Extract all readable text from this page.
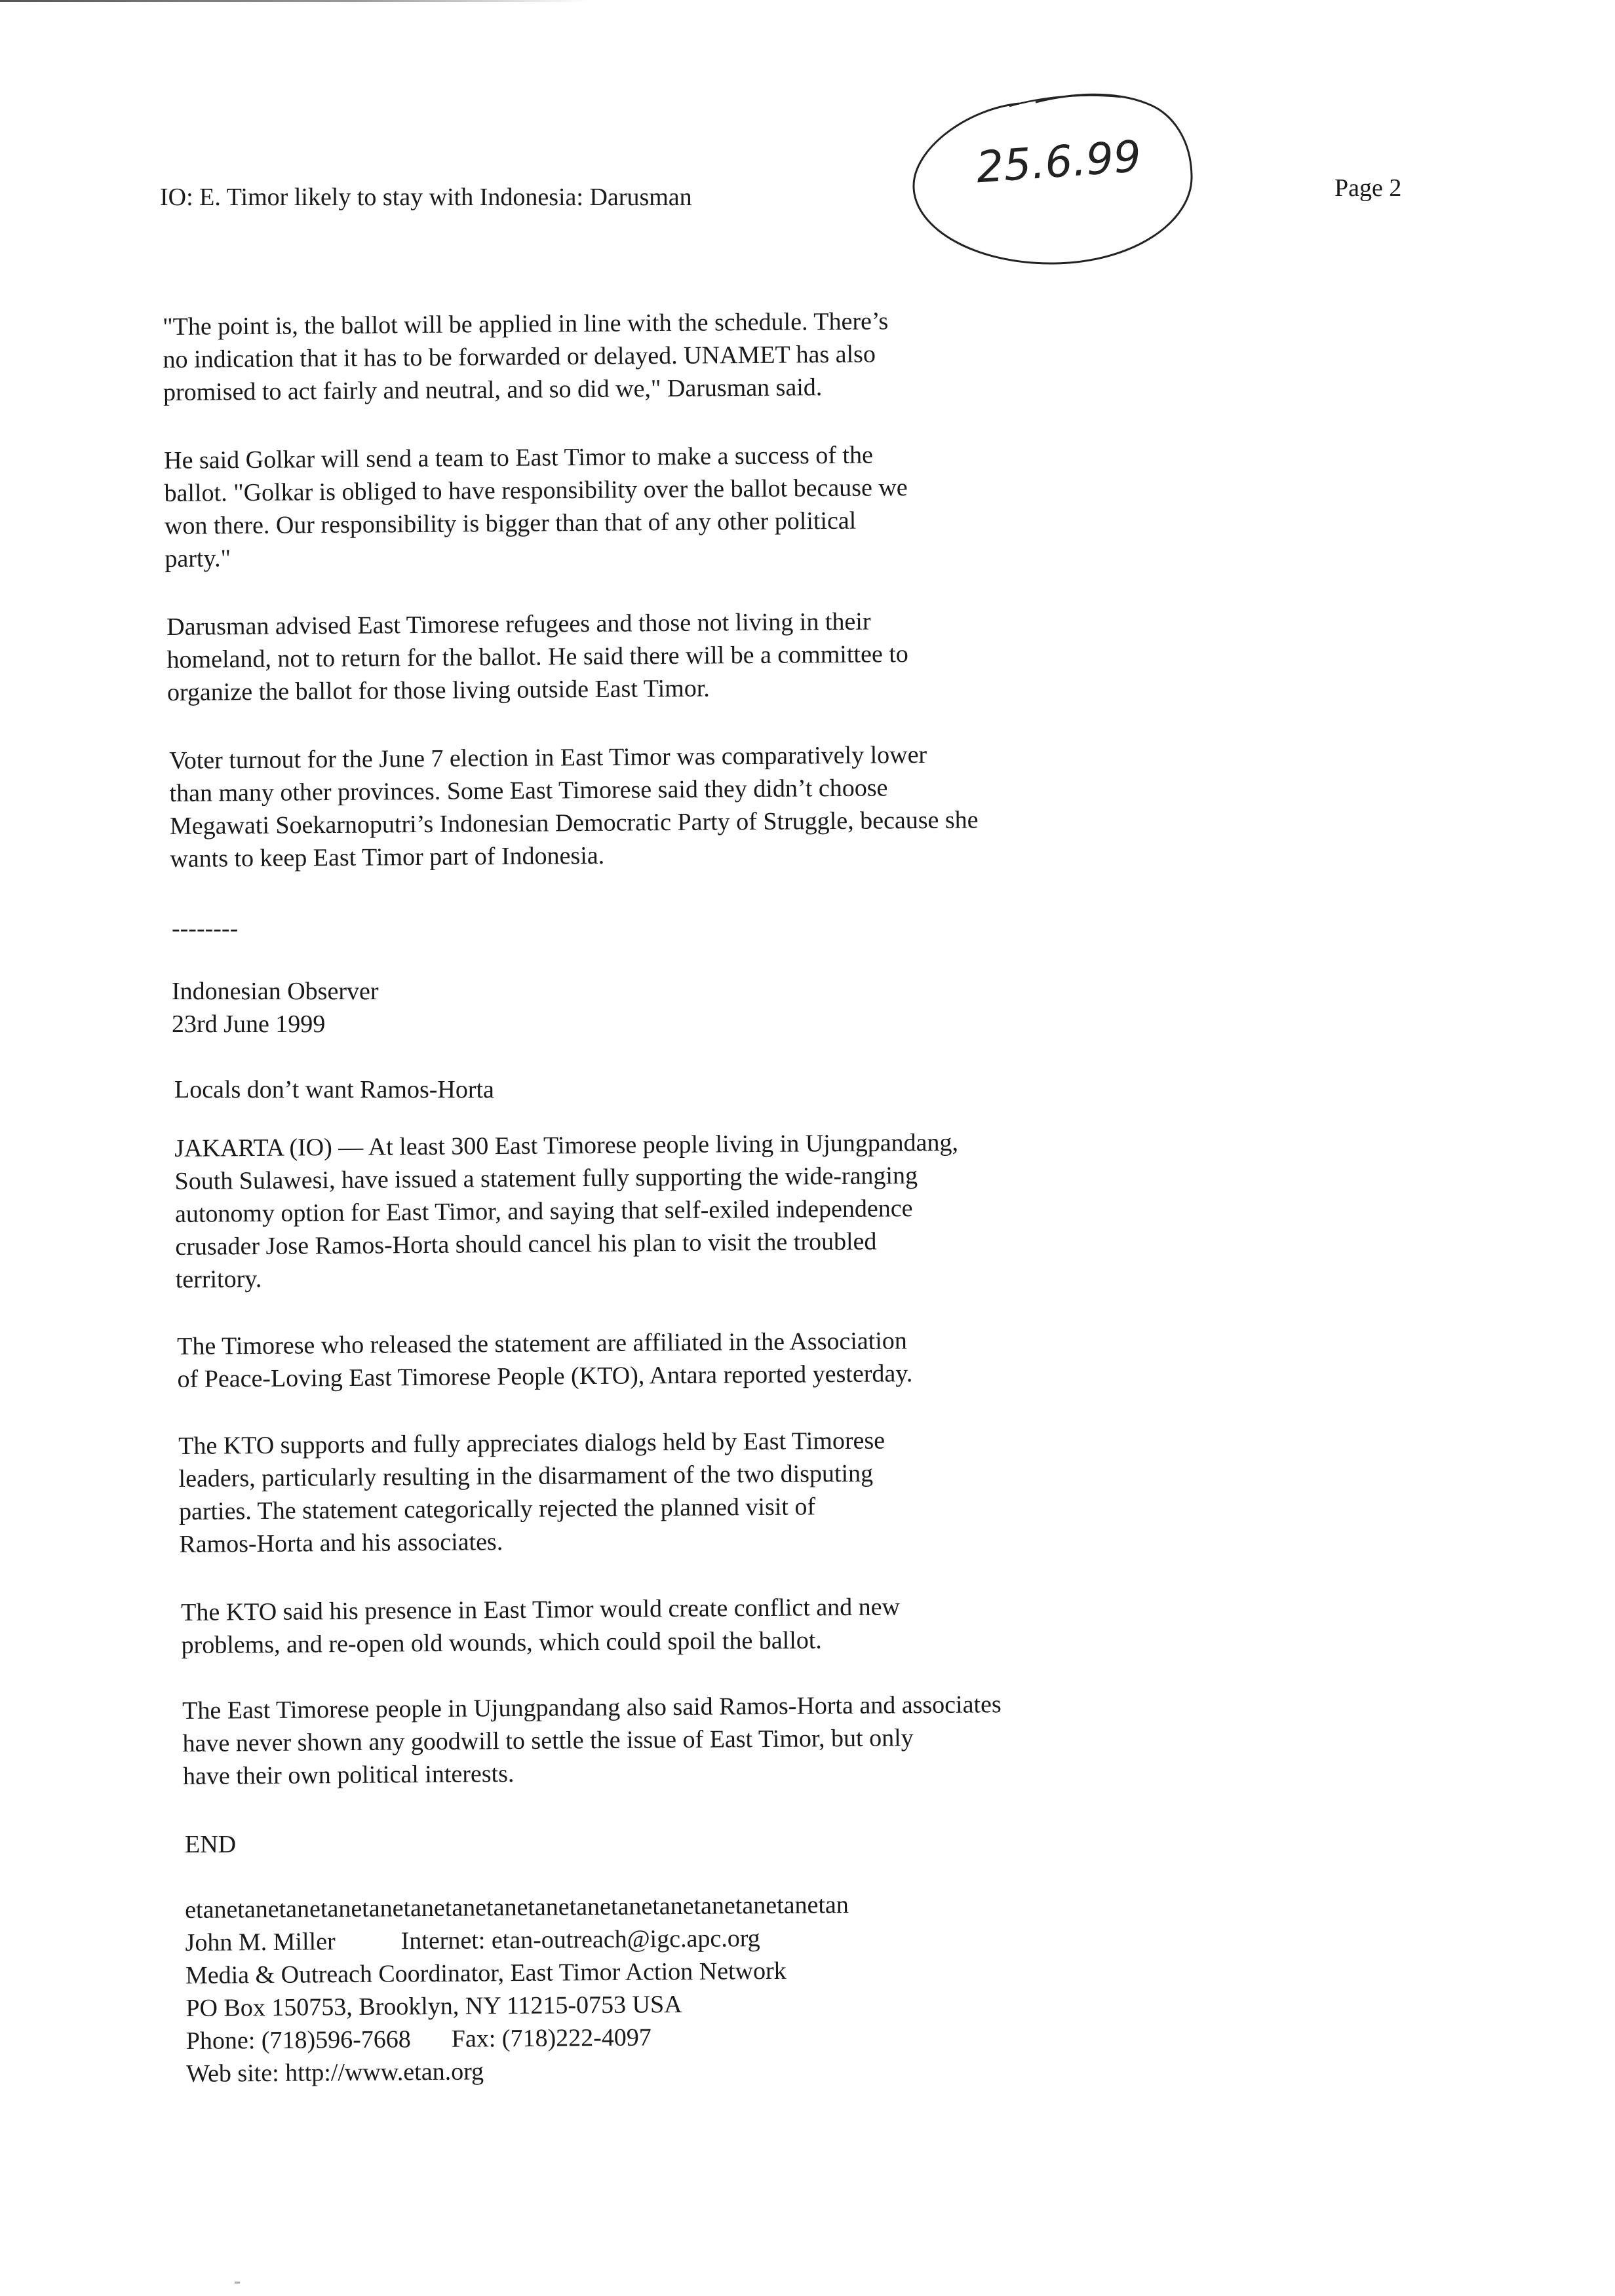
IO: E. Timor likely to stay with Indonesia: Darusman
25.6.99	Page 2
"The point is, the ballot will be applied in line with the schedule. There’s
no indication that it has to be forwarded or delayed. UNAMET has also
promised to act fairly and neutral, and so did we," Darusman said.
He said Golkar will send a team to East Timor to make a success of the
ballot. "Golkar is obliged to have responsibility over the ballot because we
won there. Our responsibility is bigger than that of any other political
party."
Darusman advised East Timorese refugees and those not living in their
homeland, not to return for the ballot. He said there will be a committee to
organize the ballot for those living outside East Timor.
Voter turnout for the June 7 election in East Timor was comparatively lower
than many other provinces. Some East Timorese said they didn’t choose
Megawati Soekarnoputri’s Indonesian Democratic Party of Struggle, because she
wants to keep East Timor part of Indonesia.
--------
Indonesian Observer
23rd June 1999
Locals don’t want Ramos-Horta
JAKARTA (IO) — At least 300 East Timorese people living in Ujungpandang,
South Sulawesi, have issued a statement fully supporting the wide-ranging
autonomy option for East Timor, and saying that self-exiled independence
crusader Jose Ramos-Horta should cancel his plan to visit the troubled
territory.
The Timorese who released the statement are affiliated in the Association
of Peace-Loving East Timorese People (KTO), Antara reported yesterday.
The KTO supports and fully appreciates dialogs held by East Timorese
leaders, particularly resulting in the disarmament of the two disputing
parties. The statement categorically rejected the planned visit of
Ramos-Horta and his associates.
The KTO said his presence in East Timor would create conflict and new
problems, and re-open old wounds, which could spoil the ballot.
The East Timorese people in Ujungpandang also said Ramos-Horta and associates
have never shown any goodwill to settle the issue of East Timor, but only
have their own political interests.
END
etanetanetanetanetanetanetanetanetanetanetanetanetanetanetanetan
John M. Miller	Internet: etan-outreach@igc.apc.org
Media & Outreach Coordinator, East Timor Action Network
PO Box 150753, Brooklyn, NY 11215-0753 USA
Phone: (718)596-7668 Fax: (718)222-4097
Web site: http://www.etan.org
